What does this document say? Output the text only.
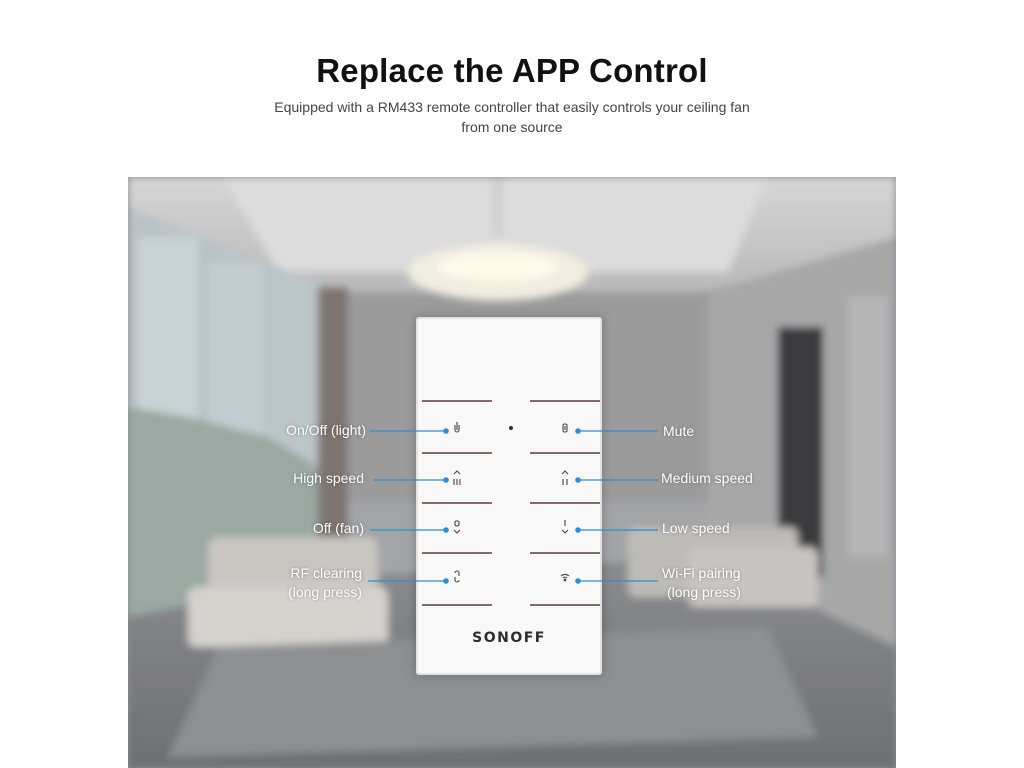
Replace the APP Control
Equipped with a RM433 remote controller that easily controls your ceiling fan
from one source
SONOFF
On/Off (light)
High speed
Off (fan)
RF clearing
(long press)
Mute
Medium speed
Low speed
Wi-Fi pairing
(long press)
